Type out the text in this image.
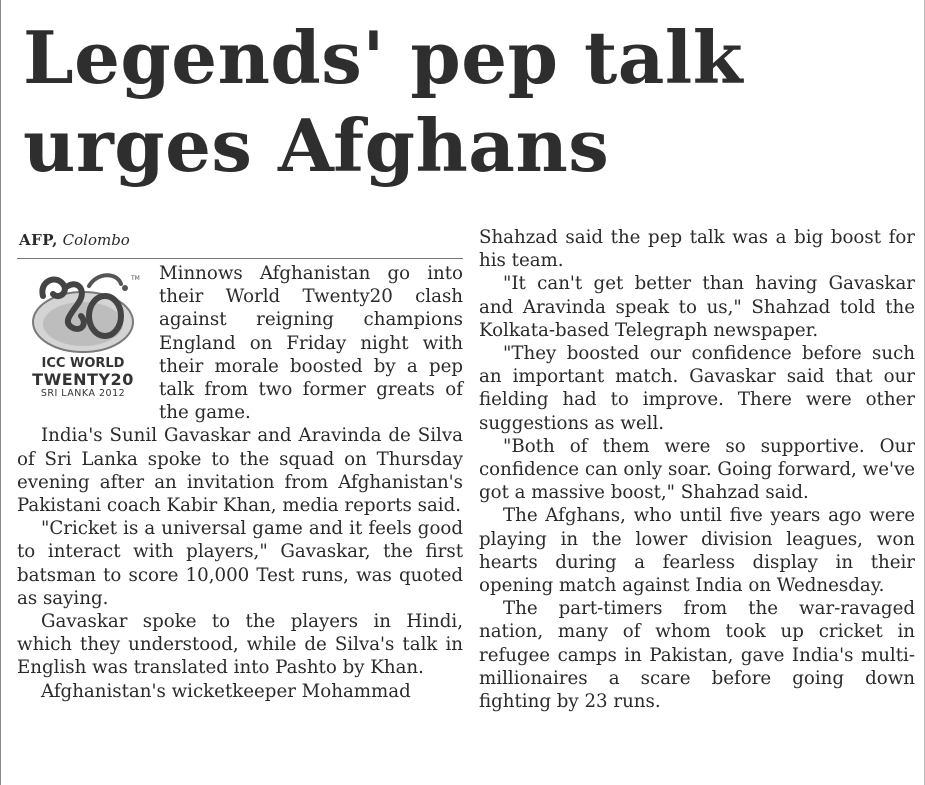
Legends' pep talk
urges Afghans
AFP, Colombo
TM
ICC WORLD
TWENTY20
SRI LANKA 2012

Minnows Afghanistan go into their World Twenty20 clash against reigning champions England on Friday night with their morale boosted by a pep talk from two former greats of the game.

India's Sunil Gavaskar and Aravinda de Silva of Sri Lanka spoke to the squad on Thursday evening after an invitation from Afghanistan's Pakistani coach Kabir Khan, media reports said.

"Cricket is a universal game and it feels good to interact with players," Gavaskar, the first batsman to score 10,000 Test runs, was quoted as saying.

Gavaskar spoke to the players in Hindi, which they understood, while de Silva's talk in English was translated into Pashto by Khan.

Afghanistan's wicketkeeper Mohammad

Shahzad said the pep talk was a big boost for his team.

"It can't get better than having Gavaskar and Aravinda speak to us," Shahzad told the Kolkata-based Telegraph newspaper.

"They boosted our confidence before such an important match. Gavaskar said that our fielding had to improve. There were other suggestions as well.

"Both of them were so supportive. Our confidence can only soar. Going forward, we've got a massive boost," Shahzad said.

The Afghans, who until five years ago were playing in the lower division leagues, won hearts during a fearless display in their opening match against India on Wednesday.

The part-timers from the war-ravaged nation, many of whom took up cricket in refugee camps in Pakistan, gave India's multi-millionaires a scare before going down fighting by 23 runs.
